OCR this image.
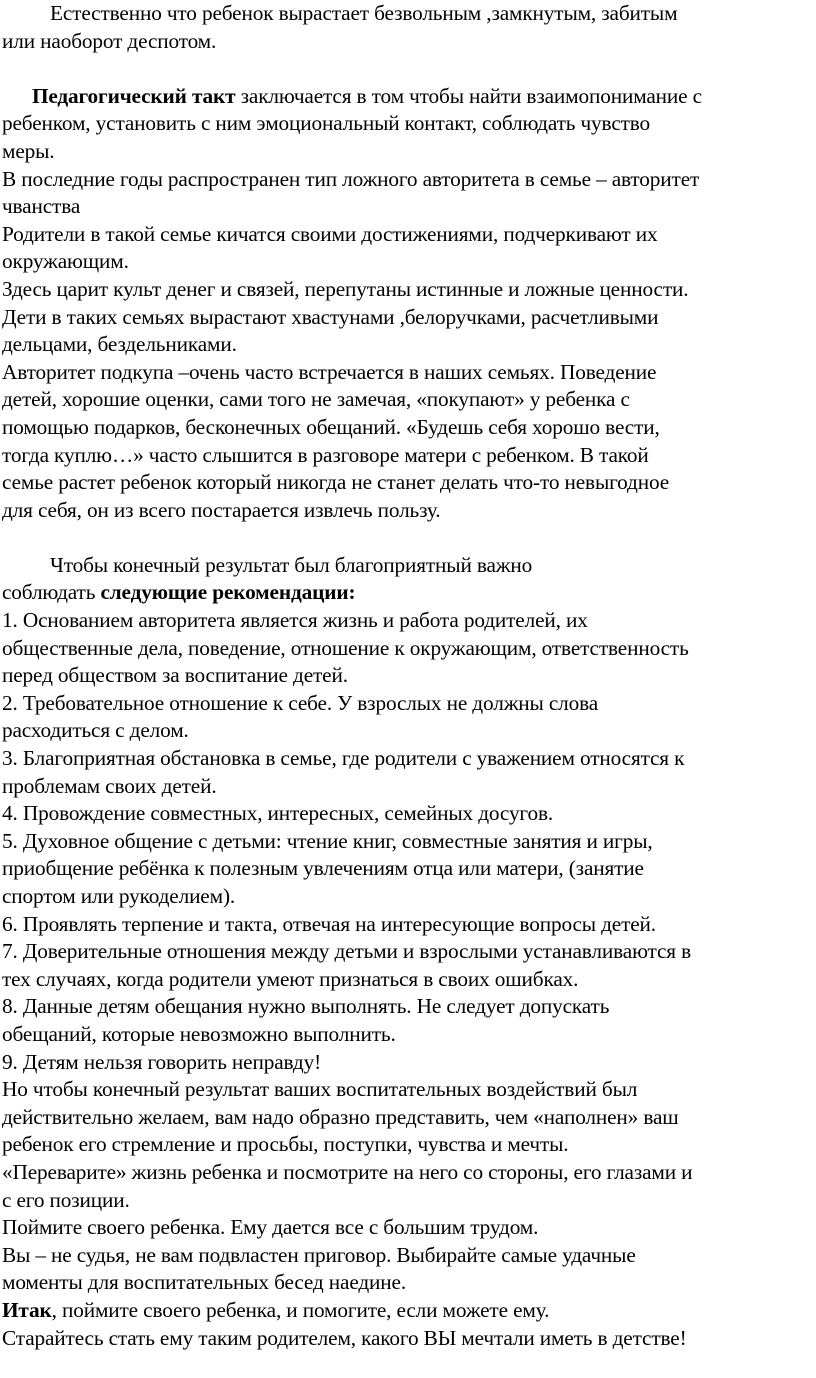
Естественно что ребенок вырастает безвольным ,замкнутым, забитым

или наоборот деспотом.

Педагогический такт заключается в том чтобы найти взаимопонимание с

ребенком, установить с ним эмоциональный контакт, соблюдать чувство

меры.

В последние годы распространен тип ложного авторитета в семье – авторитет

чванства

Родители в такой семье кичатся своими достижениями, подчеркивают их

окружающим.

Здесь царит культ денег и связей, перепутаны истинные и ложные ценности.

Дети в таких семьях вырастают хвастунами ,белоручками, расчетливыми

дельцами, бездельниками.

Авторитет подкупа –очень часто встречается в наших семьях. Поведение

детей, хорошие оценки, сами того не замечая, «покупают» у ребенка с

помощью подарков, бесконечных обещаний. «Будешь себя хорошо вести,

тогда куплю…» часто слышится в разговоре матери с ребенком. В такой

семье растет ребенок который никогда не станет делать что-то невыгодное

для себя, он из всего постарается извлечь пользу.

Чтобы конечный результат был благоприятный важно

соблюдать следующие рекомендации:

1. Основанием авторитета является жизнь и работа родителей, их

общественные дела, поведение, отношение к окружающим, ответственность

перед обществом за воспитание детей.

2. Требовательное отношение к себе. У взрослых не должны слова

расходиться с делом.

3. Благоприятная обстановка в семье, где родители с уважением относятся к

проблемам своих детей.

4. Провождение совместных, интересных, семейных досугов.

5. Духовное общение с детьми: чтение книг, совместные занятия и игры,

приобщение ребёнка к полезным увлечениям отца или матери, (занятие

спортом или рукоделием).

6. Проявлять терпение и такта, отвечая на интересующие вопросы детей.

7. Доверительные отношения между детьми и взрослыми устанавливаются в

тех случаях, когда родители умеют признаться в своих ошибках.

8. Данные детям обещания нужно выполнять. Не следует допускать

обещаний, которые невозможно выполнить.

9. Детям нельзя говорить неправду!

Но чтобы конечный результат ваших воспитательных воздействий был

действительно желаем, вам надо образно представить, чем «наполнен» ваш

ребенок его стремление и просьбы, поступки, чувства и мечты.

«Переварите» жизнь ребенка и посмотрите на него со стороны, его глазами и

с его позиции.

Поймите своего ребенка. Ему дается все с большим трудом.

Вы – не судья, не вам подвластен приговор. Выбирайте самые удачные

моменты для воспитательных бесед наедине.

Итак, поймите своего ребенка, и помогите, если можете ему.

Старайтесь стать ему таким родителем, какого ВЫ мечтали иметь в детстве!
